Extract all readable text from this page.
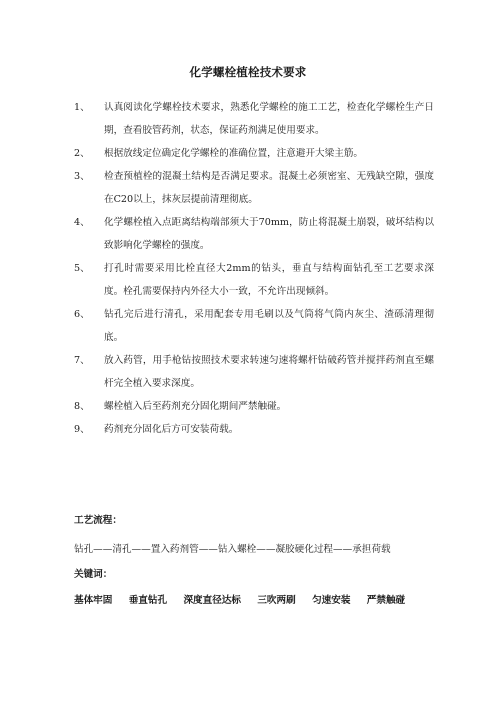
化学螺栓植栓技术要求
1、 认真阅读化学螺栓技术要求，熟悉化学螺栓的施工工艺，检查化学螺栓生产日期，查看胶管药剂，状态，保证药剂满足使用要求。
2、 根据放线定位确定化学螺栓的准确位置，注意避开大梁主筋。
3、 检查预植栓的混凝土结构是否满足要求。混凝土必须密室、无残缺空隙，强度在C20以上，抹灰层提前清理彻底。
4、 化学螺栓植入点距离结构端部须大于70mm，防止将混凝土崩裂，破坏结构以致影响化学螺栓的强度。
5、 打孔时需要采用比栓直径大2mm的钻头，垂直与结构面钻孔至工艺要求深度。栓孔需要保持内外径大小一致，不允许出现倾斜。
6、 钻孔完后进行清孔，采用配套专用毛刷以及气筒将气筒内灰尘、渣砾清理彻底。
7、 放入药管，用手枪钻按照技术要求转速匀速将螺杆钻破药管并搅拌药剂直至螺杆完全植入要求深度。
8、 螺栓植入后至药剂充分固化期间严禁触碰。
9、 药剂充分固化后方可安装荷载。
工艺流程：
钻孔——清孔——置入药剂管——钻入螺栓——凝胶硬化过程——承担荷载
关键词：
基体牢固 垂直钻孔 深度直径达标 三吹两刷 匀速安装 严禁触碰
